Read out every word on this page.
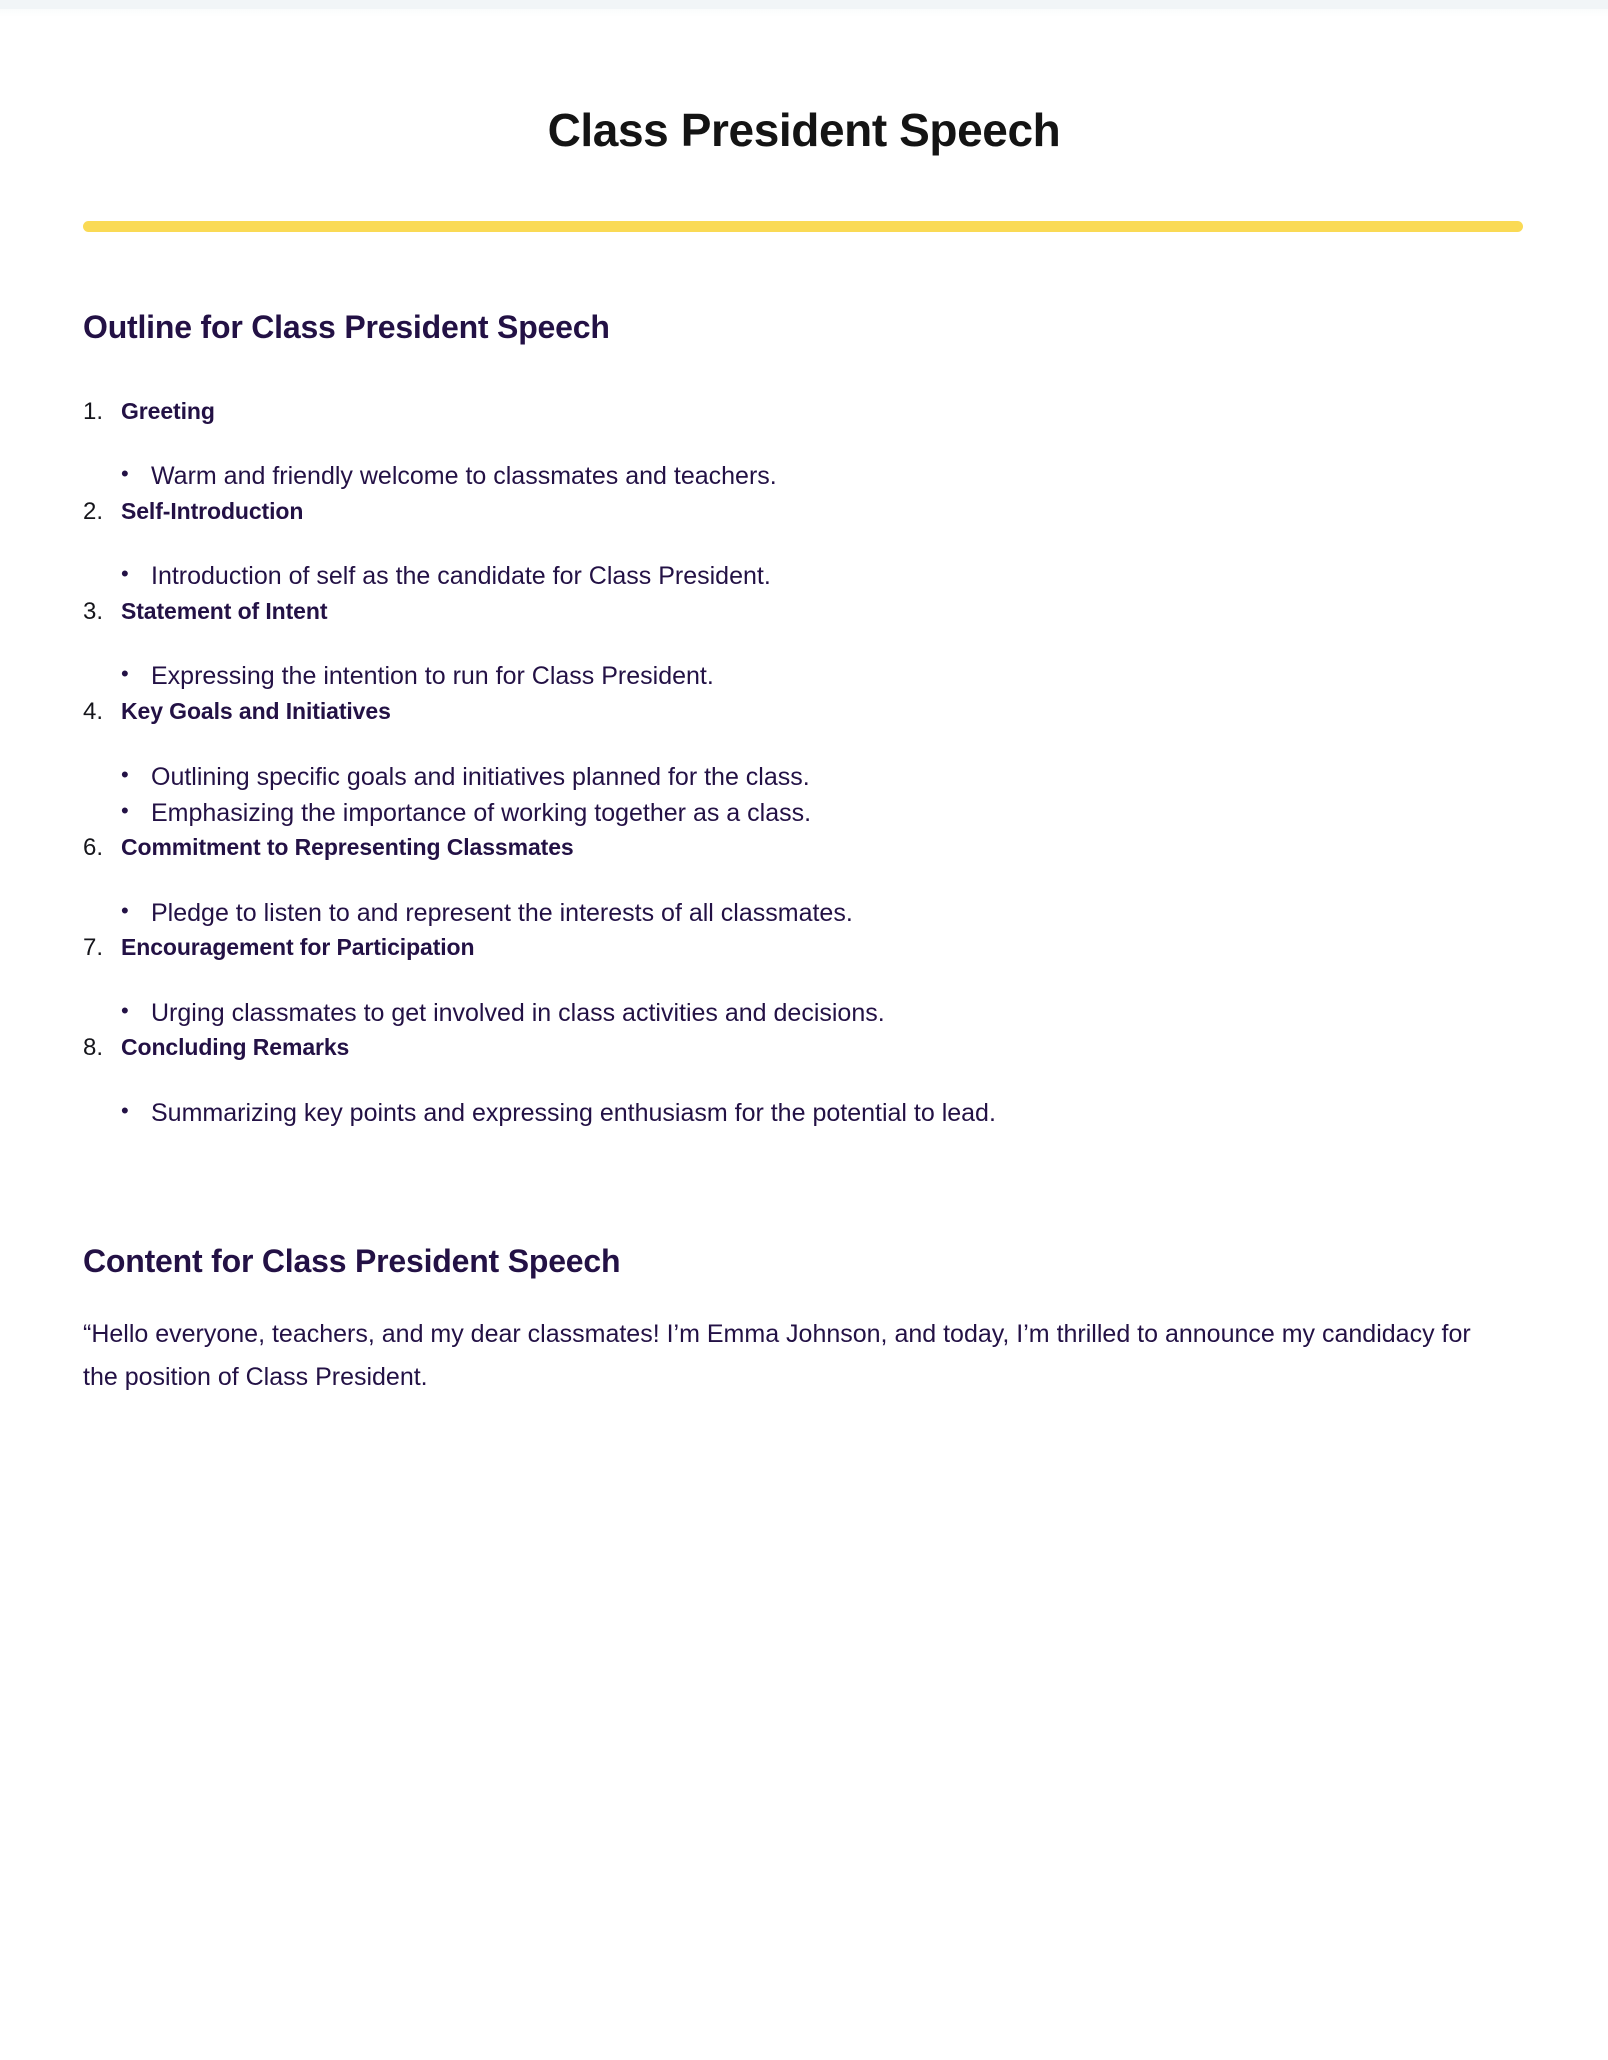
Class President Speech
Outline for Class President Speech
1. Greeting
• Warm and friendly welcome to classmates and teachers.
2. Self-Introduction
• Introduction of self as the candidate for Class President.
3. Statement of Intent
• Expressing the intention to run for Class President.
4. Key Goals and Initiatives
• Outlining specific goals and initiatives planned for the class.
• Emphasizing the importance of working together as a class.
6. Commitment to Representing Classmates
• Pledge to listen to and represent the interests of all classmates.
7. Encouragement for Participation
• Urging classmates to get involved in class activities and decisions.
8. Concluding Remarks
• Summarizing key points and expressing enthusiasm for the potential to lead.
Content for Class President Speech

“Hello everyone, teachers, and my dear classmates! I’m Emma Johnson, and today, I’m thrilled to announce my candidacy for the position of Class President.
